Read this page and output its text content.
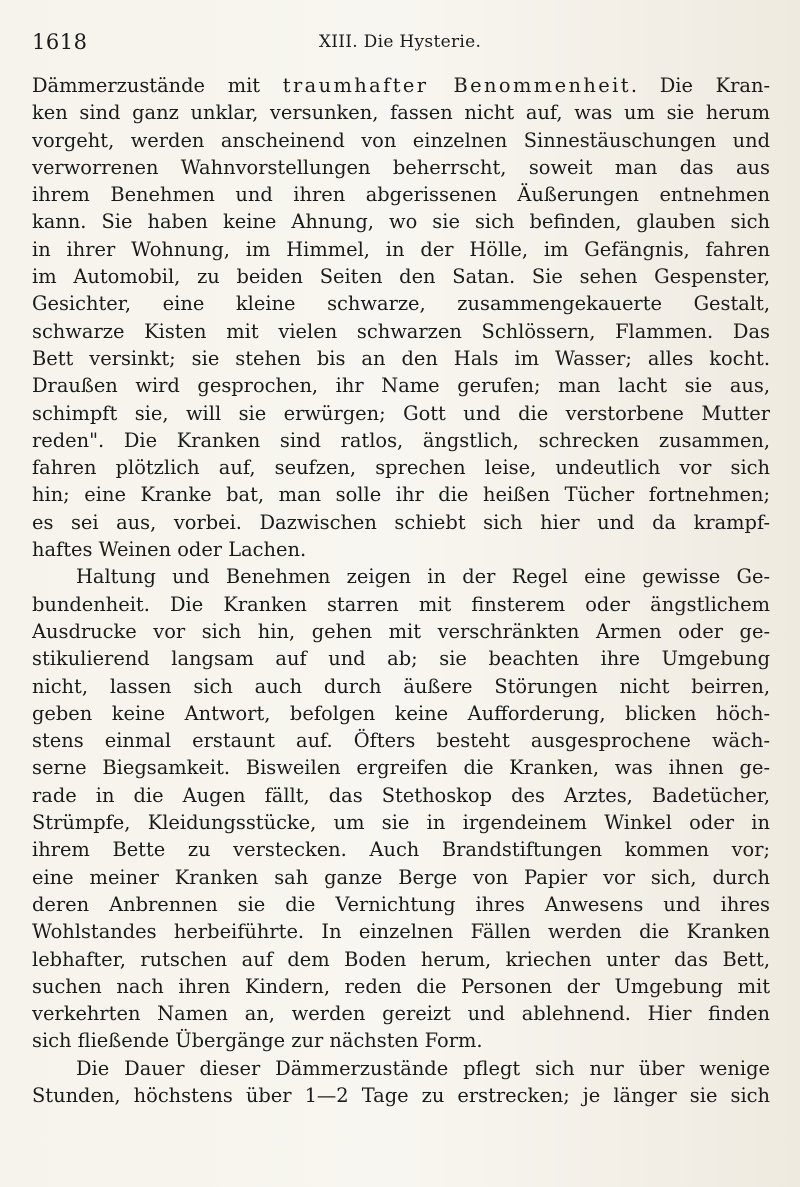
1618	XIII. Die Hysterie.
Dämmerzustände mit traumhafter Benommenheit. Die Kran-
ken sind ganz unklar, versunken, fassen nicht auf, was um sie herum
vorgeht, werden anscheinend von einzelnen Sinnestäuschungen und
verworrenen Wahnvorstellungen beherrscht, soweit man das aus
ihrem Benehmen und ihren abgerissenen Äußerungen entnehmen
kann. Sie haben keine Ahnung, wo sie sich befinden, glauben sich
in ihrer Wohnung, im Himmel, in der Hölle, im Gefängnis, fahren
im Automobil, zu beiden Seiten den Satan. Sie sehen Gespenster,
Gesichter, eine kleine schwarze, zusammengekauerte Gestalt,
schwarze Kisten mit vielen schwarzen Schlössern, Flammen. Das
Bett versinkt; sie stehen bis an den Hals im Wasser; alles kocht.
Draußen wird gesprochen, ihr Name gerufen; man lacht sie aus,
schimpft sie, will sie erwürgen; Gott und die verstorbene Mutter
reden". Die Kranken sind ratlos, ängstlich, schrecken zusammen,
fahren plötzlich auf, seufzen, sprechen leise, undeutlich vor sich
hin; eine Kranke bat, man solle ihr die heißen Tücher fortnehmen;
es sei aus, vorbei. Dazwischen schiebt sich hier und da krampf-
haftes Weinen oder Lachen.
Haltung und Benehmen zeigen in der Regel eine gewisse Ge-
bundenheit. Die Kranken starren mit finsterem oder ängstlichem
Ausdrucke vor sich hin, gehen mit verschränkten Armen oder ge-
stikulierend langsam auf und ab; sie beachten ihre Umgebung
nicht, lassen sich auch durch äußere Störungen nicht beirren,
geben keine Antwort, befolgen keine Aufforderung, blicken höch-
stens einmal erstaunt auf. Öfters besteht ausgesprochene wäch-
serne Biegsamkeit. Bisweilen ergreifen die Kranken, was ihnen ge-
rade in die Augen fällt, das Stethoskop des Arztes, Badetücher,
Strümpfe, Kleidungsstücke, um sie in irgendeinem Winkel oder in
ihrem Bette zu verstecken. Auch Brandstiftungen kommen vor;
eine meiner Kranken sah ganze Berge von Papier vor sich, durch
deren Anbrennen sie die Vernichtung ihres Anwesens und ihres
Wohlstandes herbeiführte. In einzelnen Fällen werden die Kranken
lebhafter, rutschen auf dem Boden herum, kriechen unter das Bett,
suchen nach ihren Kindern, reden die Personen der Umgebung mit
verkehrten Namen an, werden gereizt und ablehnend. Hier finden
sich fließende Übergänge zur nächsten Form.
Die Dauer dieser Dämmerzustände pflegt sich nur über wenige
Stunden, höchstens über 1—2 Tage zu erstrecken; je länger sie sich
